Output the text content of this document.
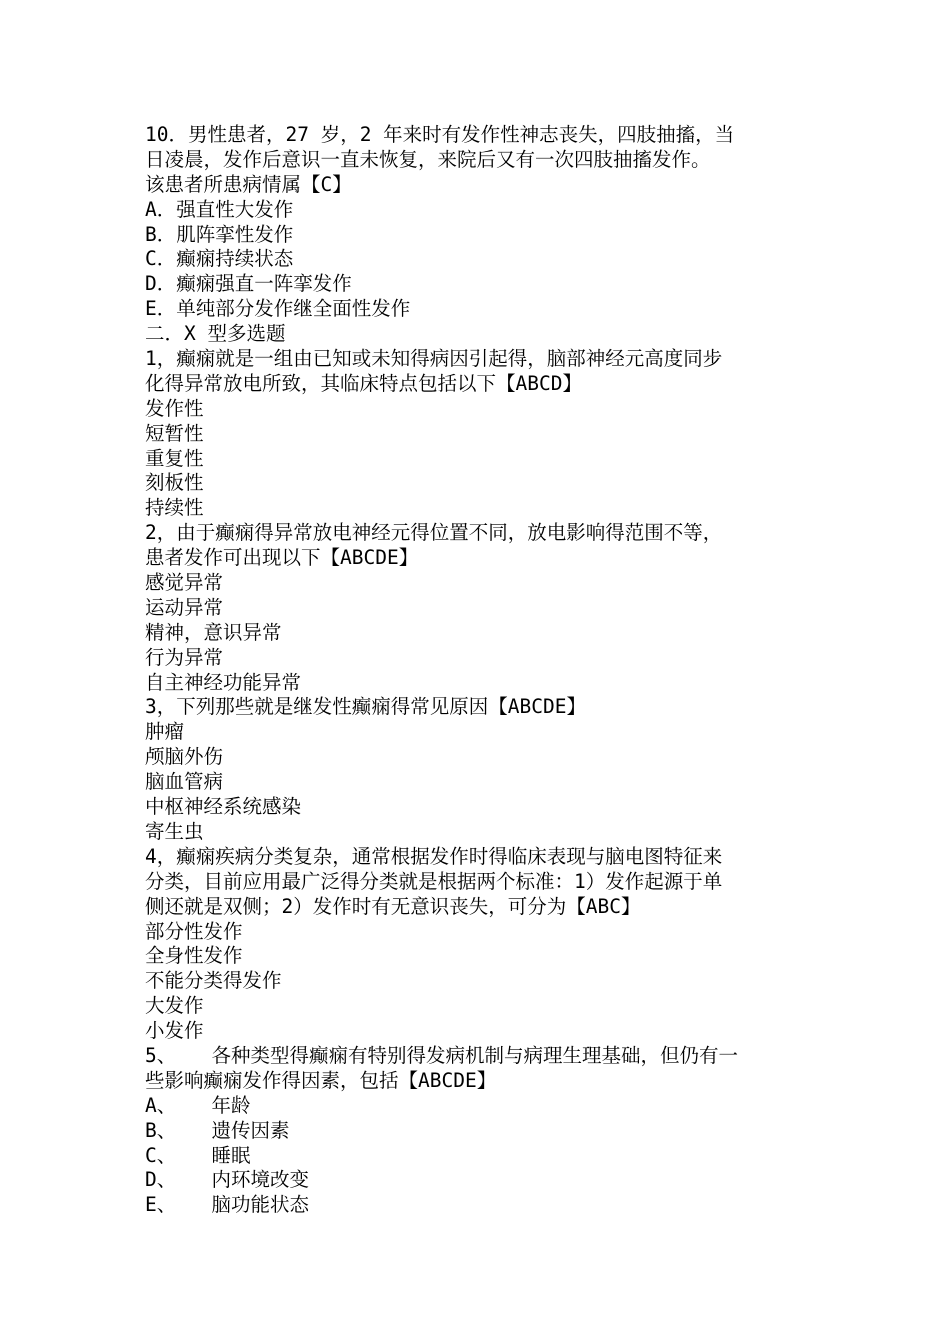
10．男性患者，27 岁，2 年来时有发作性神志丧失，四肢抽搐，当
日凌晨，发作后意识一直未恢复，来院后又有一次四肢抽搐发作。
该患者所患病情属【C】
A．强直性大发作
B．肌阵挛性发作
C．癫痫持续状态
D．癫痫强直一阵挛发作
E．单纯部分发作继全面性发作
二．X 型多选题
1，癫痫就是一组由已知或未知得病因引起得，脑部神经元高度同步
化得异常放电所致，其临床特点包括以下【ABCD】
发作性
短暂性
重复性
刻板性
持续性
2，由于癫痫得异常放电神经元得位置不同，放电影响得范围不等，
患者发作可出现以下【ABCDE】
感觉异常
运动异常
精神，意识异常
行为异常
自主神经功能异常
3，下列那些就是继发性癫痫得常见原因【ABCDE】
肿瘤
颅脑外伤
脑血管病
中枢神经系统感染
寄生虫
4，癫痫疾病分类复杂，通常根据发作时得临床表现与脑电图特征来
分类，目前应用最广泛得分类就是根据两个标准：1）发作起源于单
侧还就是双侧；2）发作时有无意识丧失，可分为【ABC】
部分性发作
全身性发作
不能分类得发作
大发作
小发作
5、   各种类型得癫痫有特别得发病机制与病理生理基础，但仍有一
些影响癫痫发作得因素，包括【ABCDE】
A、   年龄
B、   遗传因素
C、   睡眠
D、   内环境改变
E、   脑功能状态
